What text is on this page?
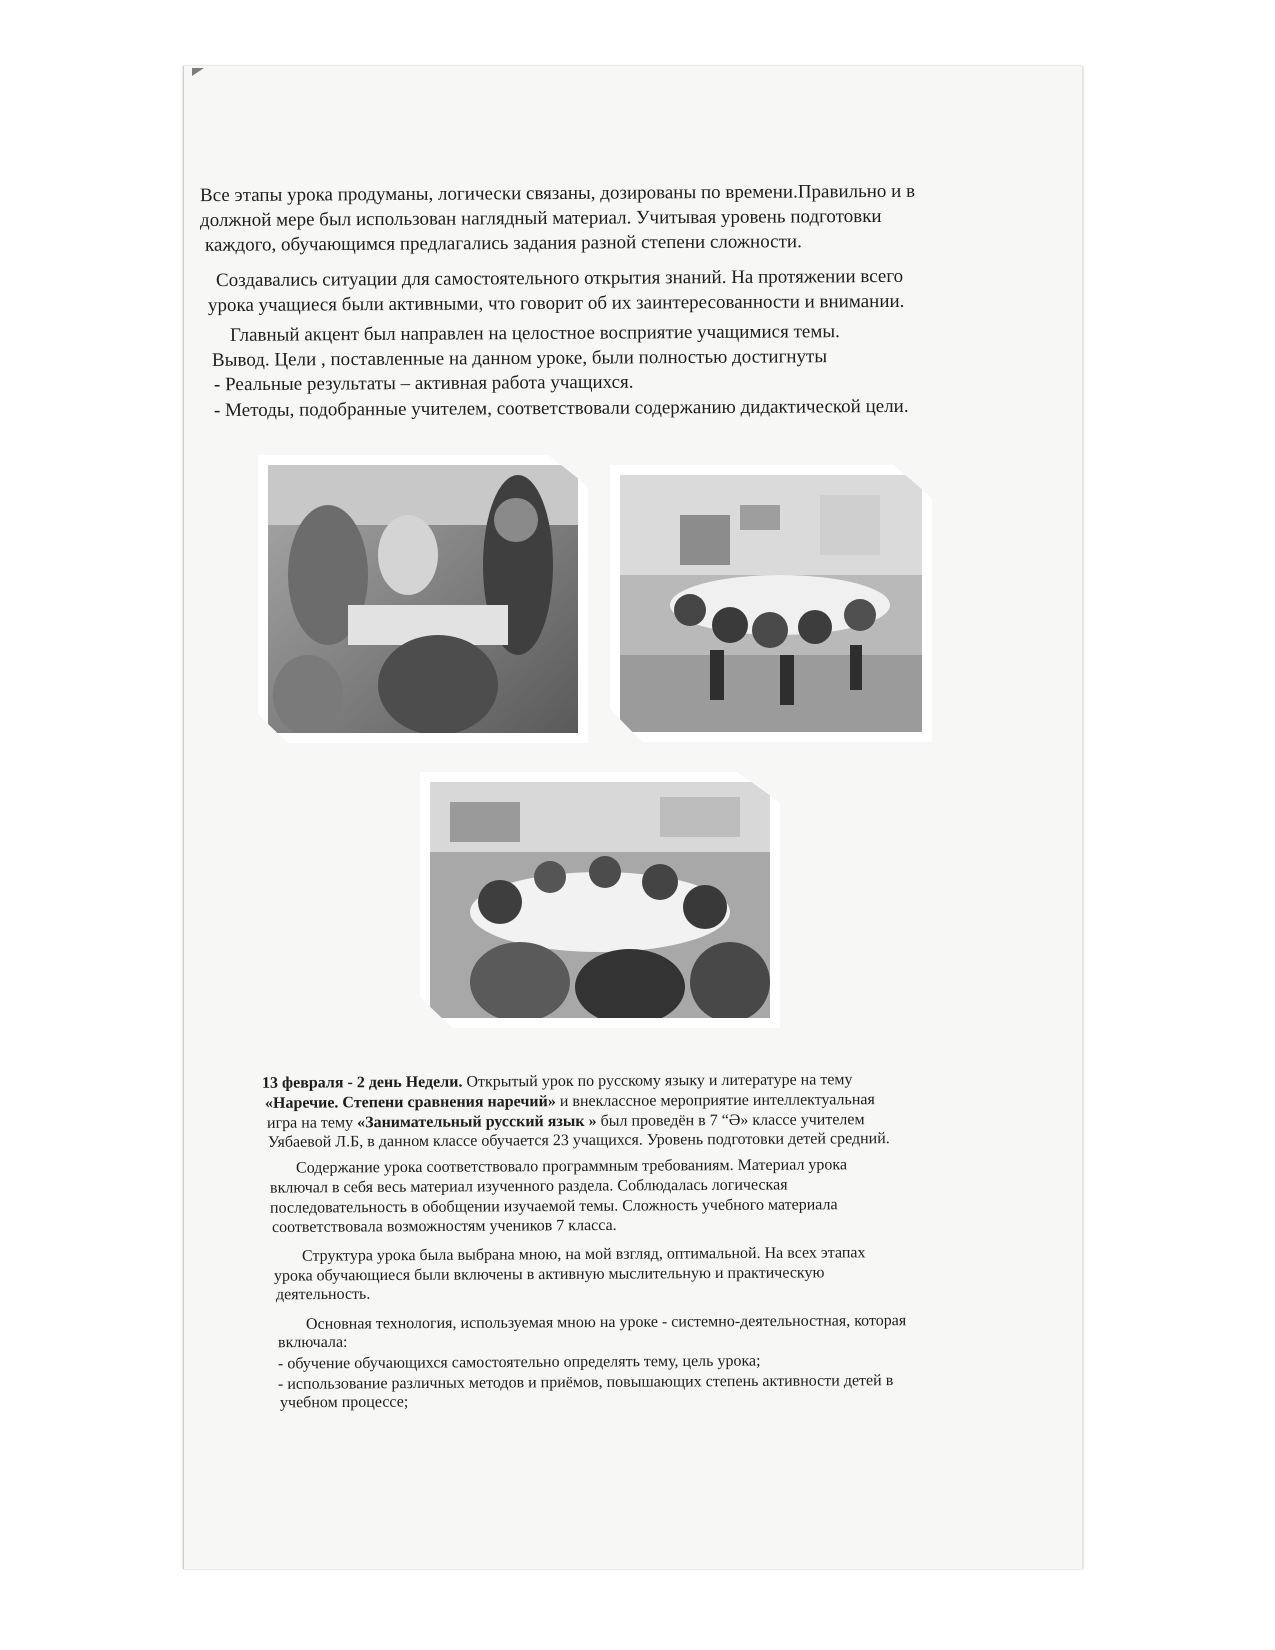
Все этапы урока продуманы, логически связаны, дозированы по времени.Правильно и в
должной мере был использован наглядный материал. Учитывая уровень подготовки
каждого, обучающимся предлагались задания разной степени сложности.
Создавались ситуации для самостоятельного открытия знаний. На протяжении всего
урока учащиеся были активными, что говорит об их заинтересованности и внимании.
Главный акцент был направлен на целостное восприятие учащимися темы.
Вывод. Цели , поставленные на данном уроке, были полностью достигнуты
- Реальные результаты – активная работа учащихся.
- Методы, подобранные учителем, соответствовали содержанию дидактической цели.
13 февраля - 2 день Недели. Открытый урок по русскому языку и литературе на тему
«Наречие. Степени сравнения наречий» и внеклассное мероприятие интеллектуальная
игра на тему «Занимательный русский язык » был проведён в 7 “Ә» классе учителем
Уябаевой Л.Б, в данном классе обучается 23 учащихся. Уровень подготовки детей средний.
Содержание урока соответствовало программным требованиям. Материал урока
включал в себя весь материал изученного раздела. Соблюдалась логическая
последовательность в обобщении изучаемой темы. Сложность учебного материала
соответствовала возможностям учеников 7 класса.
Структура урока была выбрана мною, на мой взгляд, оптимальной. На всех этапах
урока обучающиеся были включены в активную мыслительную и практическую
деятельность.
Основная технология, используемая мною на уроке - системно-деятельностная, которая
включала:
- обучение обучающихся самостоятельно определять тему, цель урока;
- использование различных методов и приёмов, повышающих степень активности детей в
учебном процессе;
